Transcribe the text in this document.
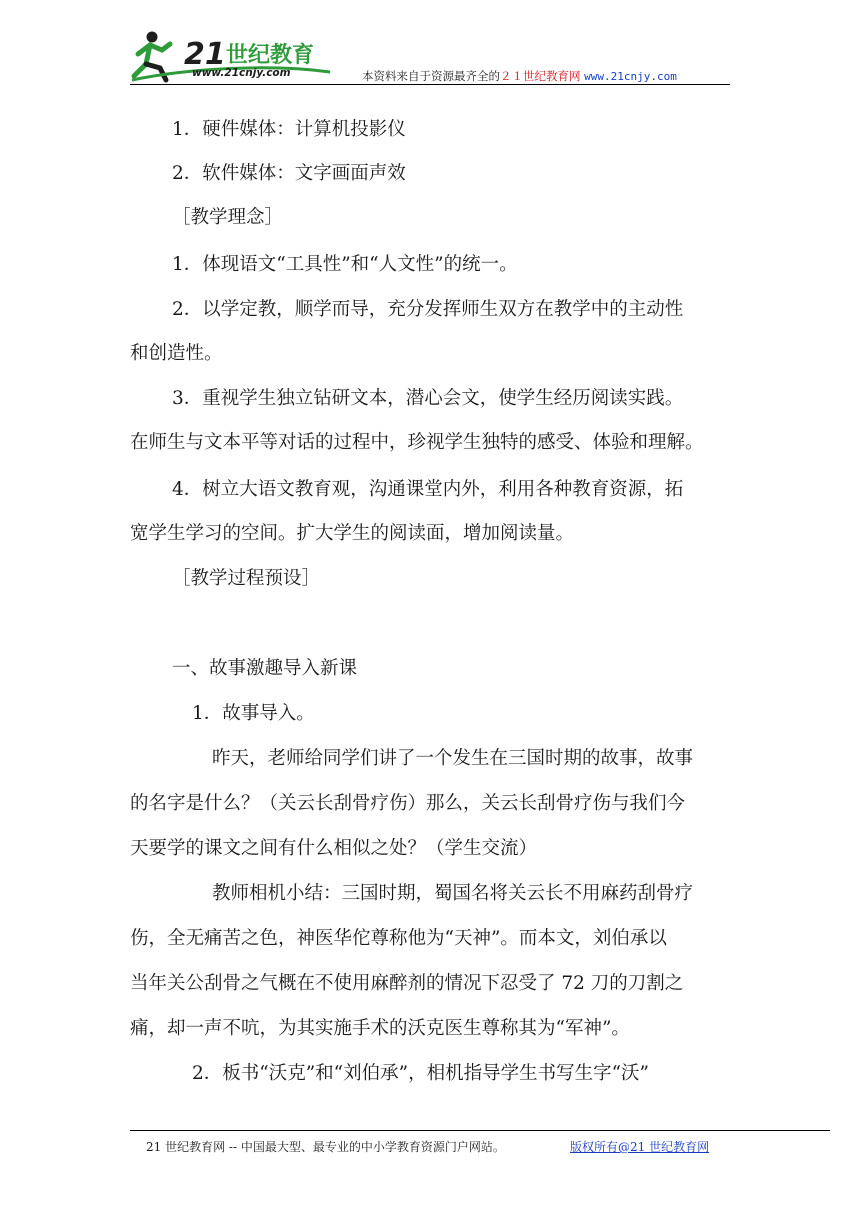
21 世纪教育
www.21cnjy.com	本资料来自于资源最齐全的２１世纪教育网 www.21cnjy.com
1．硬件媒体：计算机投影仪
2．软件媒体：文字画面声效
［教学理念］
1．体现语文“工具性”和“人文性”的统一。
2．以学定教，顺学而导，充分发挥师生双方在教学中的主动性
和创造性。
3．重视学生独立钻研文本，潜心会文，使学生经历阅读实践。
在师生与文本平等对话的过程中，珍视学生独特的感受、体验和理解。
4．树立大语文教育观，沟通课堂内外，利用各种教育资源，拓
宽学生学习的空间。扩大学生的阅读面，增加阅读量。
［教学过程预设］
一、故事激趣导入新课
1．故事导入。
昨天，老师给同学们讲了一个发生在三国时期的故事，故事
的名字是什么？（关云长刮骨疗伤）那么，关云长刮骨疗伤与我们今
天要学的课文之间有什么相似之处？（学生交流）
教师相机小结：三国时期，蜀国名将关云长不用麻药刮骨疗
伤，全无痛苦之色，神医华佗尊称他为“天神”。而本文，刘伯承以
当年关公刮骨之气概在不使用麻醉剂的情况下忍受了 72 刀的刀割之
痛，却一声不吭，为其实施手术的沃克医生尊称其为“军神”。
2．板书“沃克”和“刘伯承”，相机指导学生书写生字“沃”
21 世纪教育网 -- 中国最大型、最专业的中小学教育资源门户网站。	版权所有@21 世纪教育网
